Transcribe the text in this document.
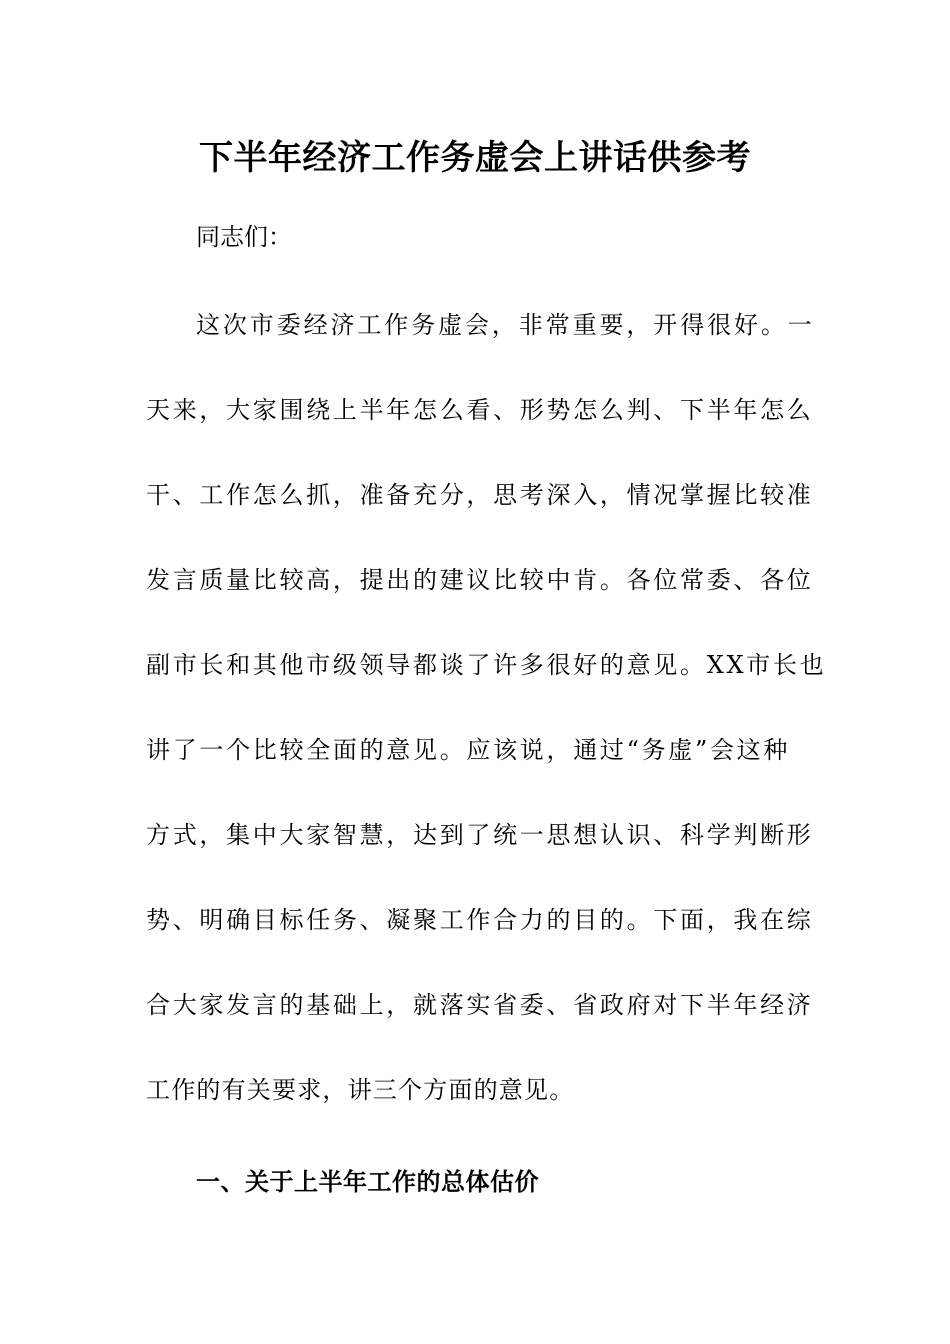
下半年经济工作务虚会上讲话供参考

同志们：

这次市委经济工作务虚会，非常重要，开得很好。一
天来，大家围绕上半年怎么看、形势怎么判、下半年怎么
干、工作怎么抓，准备充分，思考深入，情况掌握比较准
发言质量比较高，提出的建议比较中肯。各位常委、各位
副市长和其他市级领导都谈了许多很好的意见。XX市长也
讲了一个比较全面的意见。应该说，通过“务虚”会这种
方式，集中大家智慧，达到了统一思想认识、科学判断形
势、明确目标任务、凝聚工作合力的目的。下面，我在综
合大家发言的基础上，就落实省委、省政府对下半年经济
工作的有关要求，讲三个方面的意见。
一、关于上半年工作的总体估价
